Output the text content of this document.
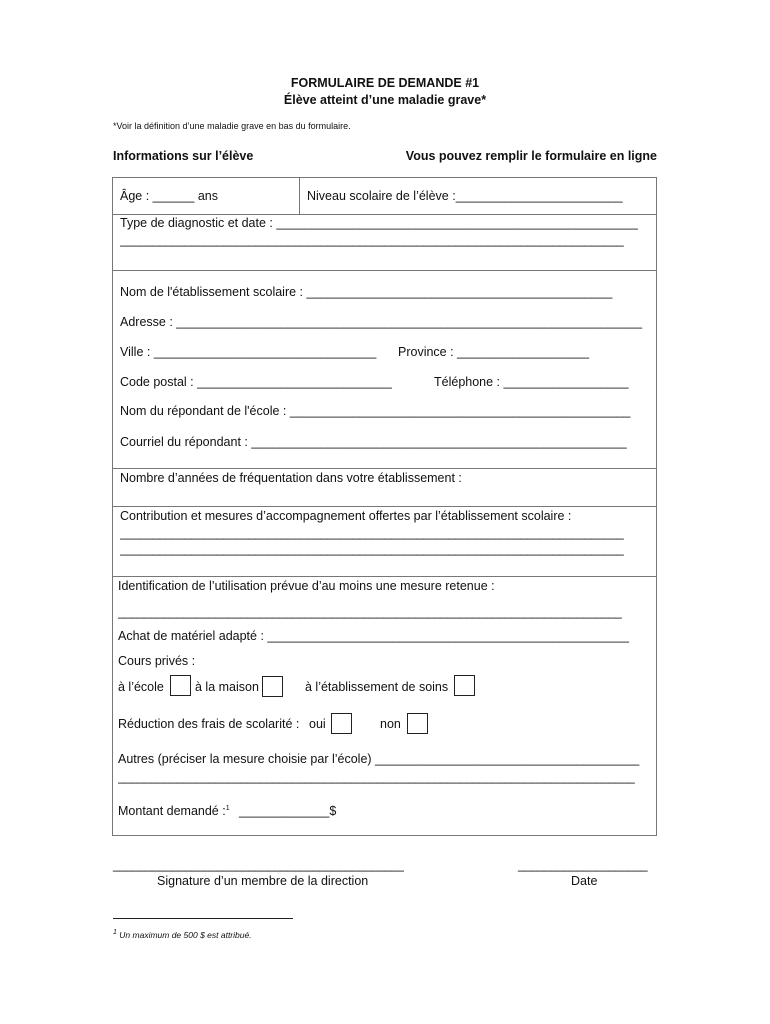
FORMULAIRE DE DEMANDE #1
Élève atteint d’une maladie grave*
*Voir la définition d’une maladie grave en bas du formulaire.
Informations sur l’élève	Vous pouvez remplir le formulaire en ligne
Âge : ______ ans	Niveau scolaire de l’élève :________________________
Type de diagnostic et date : ____________________________________________________
______________________________________________________________________________
Nom de l'établissement scolaire : ____________________________________________
Adresse : ___________________________________________________________________
Ville : ________________________________ Province : ___________________
Code postal : ____________________________	Téléphone : __________________
Nom du répondant de l'école : _________________________________________________
Courriel du répondant : ______________________________________________________
Nombre d’années de fréquentation dans votre établissement :
Contribution et mesures d’accompagnement offertes par l’établissement scolaire :
______________________________________________________________________________
______________________________________________________________________________
Identification de l’utilisation prévue d’au moins une mesure retenue :
______________________________________________________________________________
Achat de matériel adapté : ____________________________________________________
Cours privés :
à l’école à la maison	à l’établissement de soins
Réduction des frais de scolarité : oui	non
Autres (préciser la mesure choisie par l’école) ______________________________________
________________________________________________________________________________
Montant demandé :$^1$ _____________$
_____________________________________________
Signature d’un membre de la direction
____________________
Date
$^1$ Un maximum de 500 $ est attribué.
